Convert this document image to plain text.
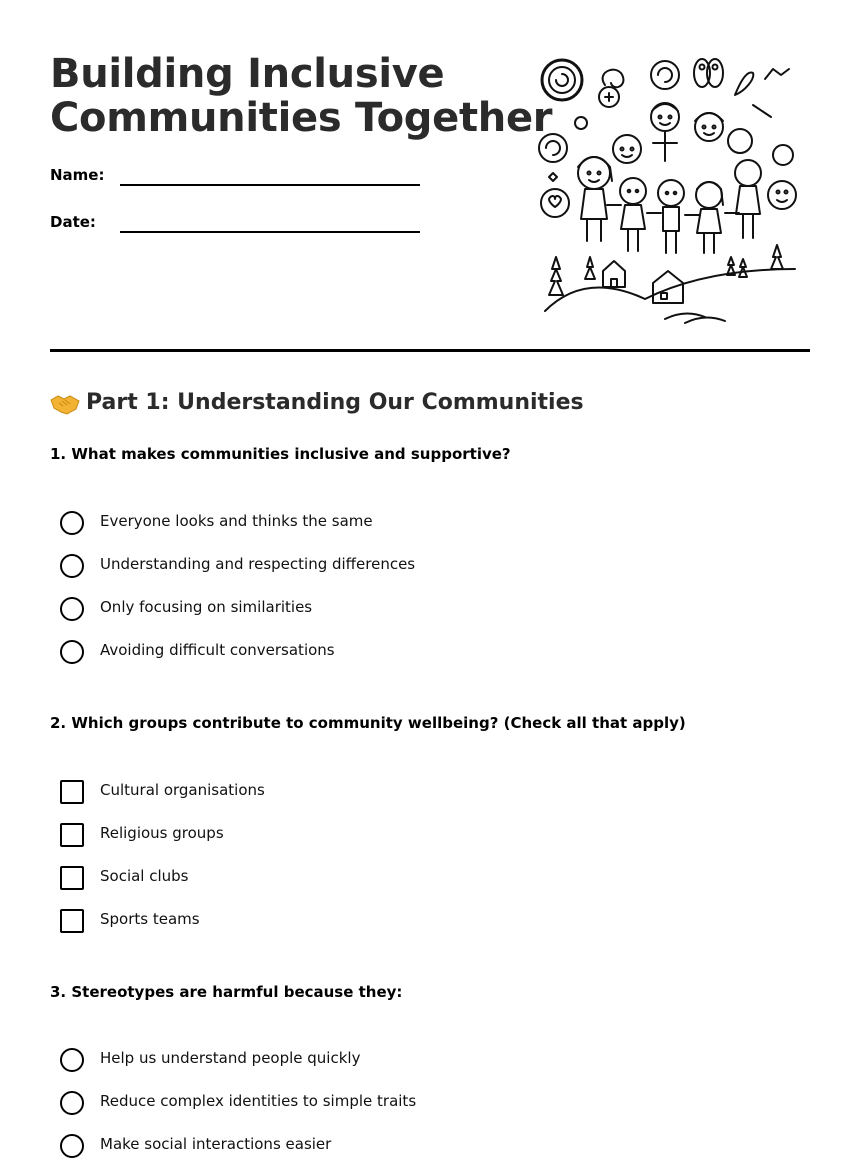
Building Inclusive
Communities Together
Name:
Date:
Part 1: Understanding Our Communities

1. What makes communities inclusive and supportive?

Everyone looks and thinks the same
Understanding and respecting differences
Only focusing on similarities
Avoiding difficult conversations

2. Which groups contribute to community wellbeing? (Check all that apply)

Cultural organisations
Religious groups
Social clubs
Sports teams

3. Stereotypes are harmful because they:

Help us understand people quickly
Reduce complex identities to simple traits
Make social interactions easier
